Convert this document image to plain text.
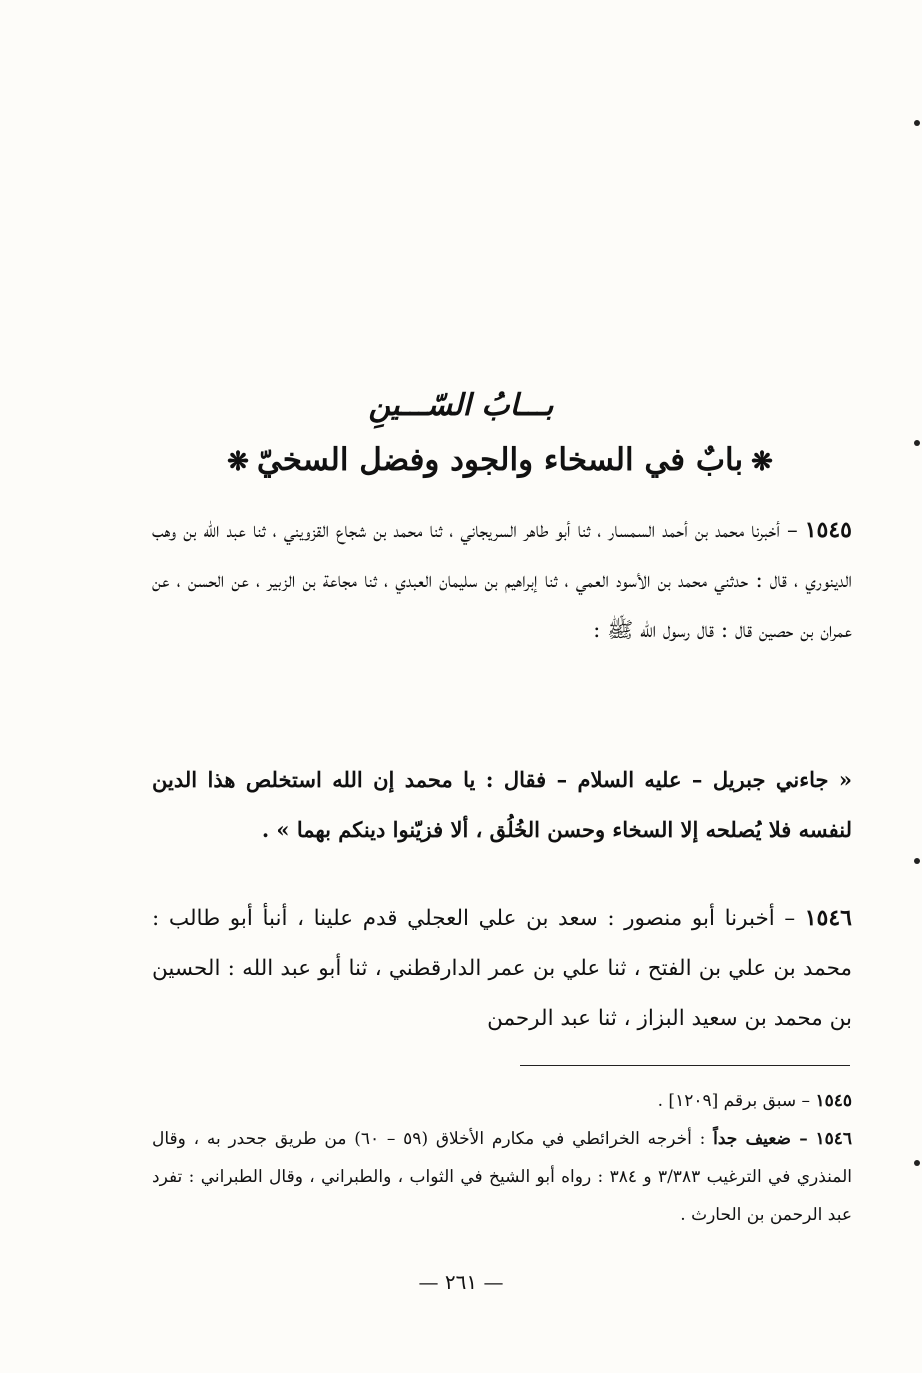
بـــابُ السّـــينِ
❋بابٌ في السخاء والجود وفضل السخيّ❋
١٥٤٥ – أخبرنا محمد بن أحمد السمسار ، ثنا أبو طاهر السريجاني ، ثنا محمد بن شجاع القزويني ، ثنا عبد الله بن وهب الدينوري ، قال : حدثني محمد بن الأسود العمي ، ثنا إبراهيم بن سليمان العبدي ، ثنا مجاعة بن الزبير ، عن الحسن ، عن عمران بن حصين قال : قال رسول الله ﷺ :
« جاءني جبريل – عليه السلام – فقال : يا محمد إن الله استخلص هذا الدين لنفسه فلا يُصلحه إلا السخاء وحسن الخُلُق ، ألا فزيّنوا دينكم بهما » .
١٥٤٦ – أخبرنا أبو منصور : سعد بن علي العجلي قدم علينا ، أنبأ أبو طالب : محمد بن علي بن الفتح ، ثنا علي بن عمر الدارقطني ، ثنا أبو عبد الله : الحسين بن محمد بن سعيد البزاز ، ثنا عبد الرحمن
١٥٤٥ – سبق برقم [١٢٠٩] .
١٥٤٦ – ضعيف جداً : أخرجه الخرائطي في مكارم الأخلاق (٥٩ – ٦٠) من طريق جحدر به ، وقال المنذري في الترغيب ٣/٣٨٣ و ٣٨٤ : رواه أبو الشيخ في الثواب ، والطبراني ، وقال الطبراني : تفرد عبد الرحمن بن الحارث .
— ٢٦١ —
